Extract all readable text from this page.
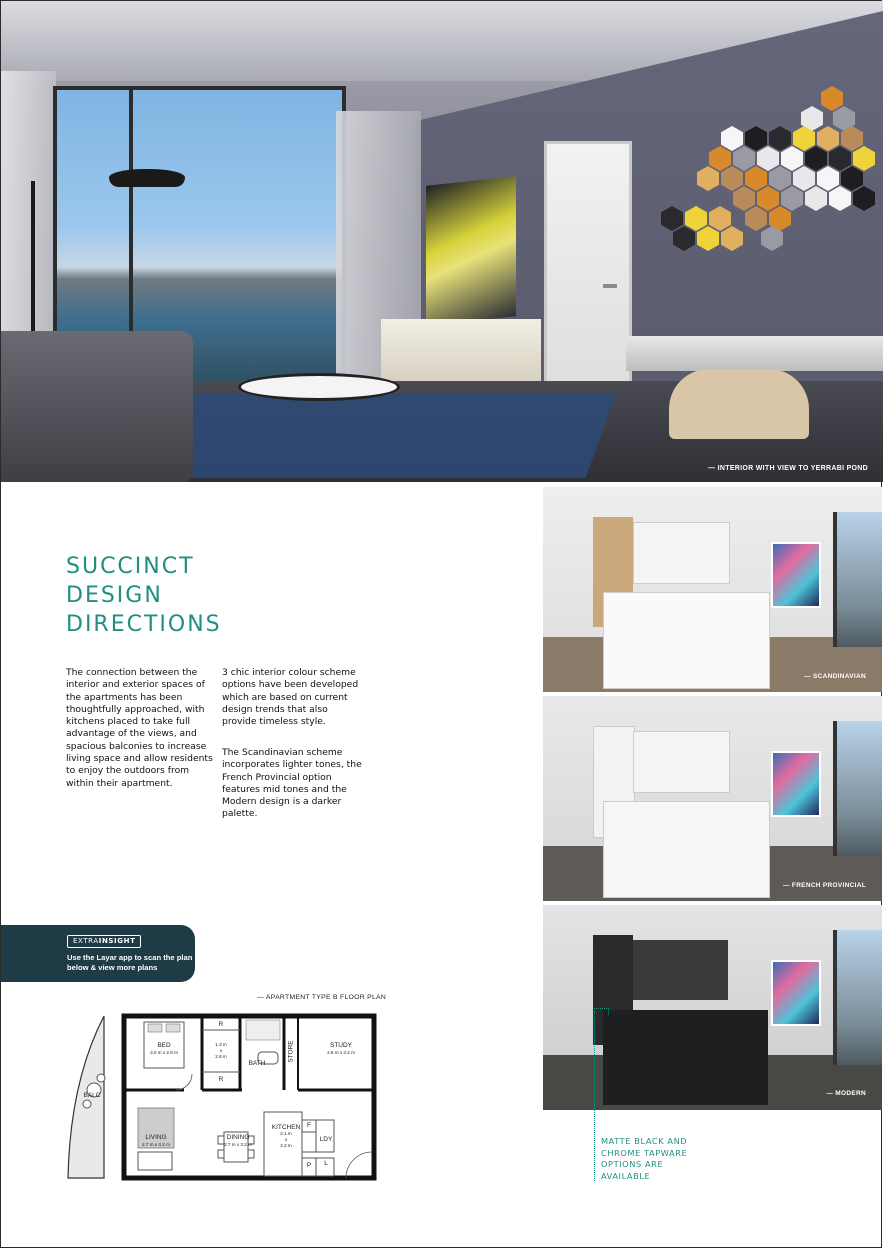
— INTERIOR WITH VIEW TO YERRABI POND
— SCANDINAVIAN
— FRENCH PROVINCIAL
— MODERN
SUCCINCT
DESIGN
DIRECTIONS

The connection between the interior and exterior spaces of the apartments has been thoughtfully approached, with kitchens placed to take full advantage of the views, and spacious balconies to increase living space and allow residents to enjoy the outdoors from within their apartment.

3 chic interior colour scheme options have been developed which are based on current design trends that also provide timeless style.

The Scandinavian scheme incorporates lighter tones, the French Provincial option features mid tones and the Modern design is a darker palette.

EXTRAINSIGHT
Use the Layar app to scan the plan below & view more plans
— APARTMENT TYPE B FLOOR PLAN
BED
3.0 m x 2.8 m
R
R
1.3 m
x
2.8 m
BATH
STORE	STUDY
2.8 m x 3.2 m
BALC
LIVING
2.7 m x 3.2 m
DINING
2.7 m x 3.2 m
KITCHEN
2.1 m
x
2.2 m
F
LDY
P	L
MATTE BLACK AND CHROME TAPWARE OPTIONS ARE AVAILABLE
